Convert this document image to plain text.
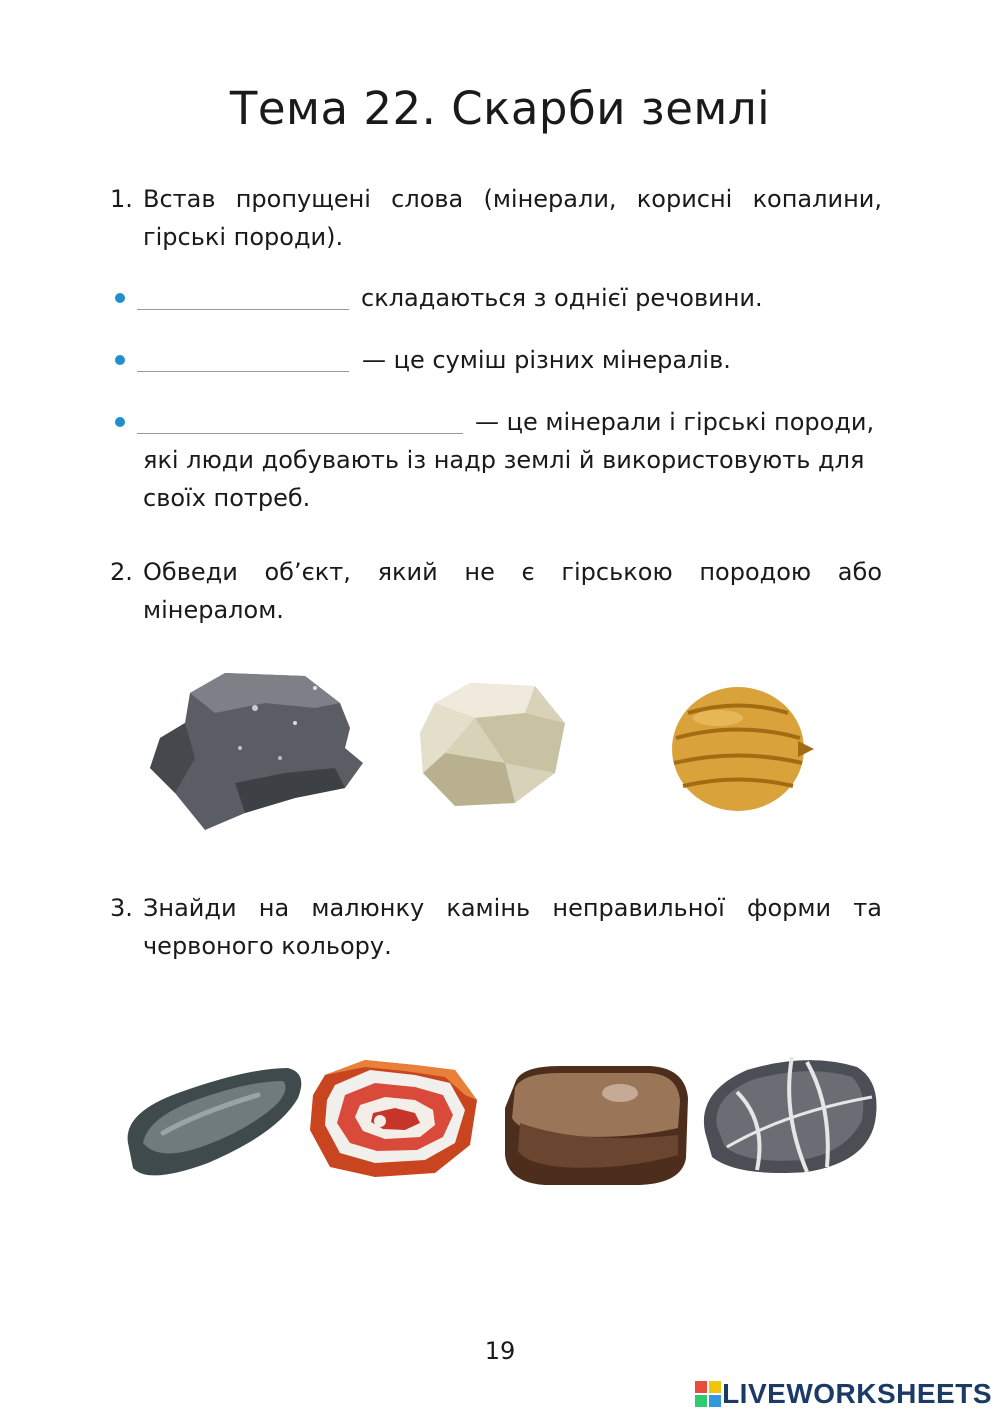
Тема 22. Скарби землі
1. Встав пропущені слова (мінерали, корисні копалини, гірські породи).
складаються з однієї речовини.
— це суміш різних мінералів.
— це мінерали і гірські породи,
які люди добувають із надр землі й використовують для
своїх потреб.
2. Обведи об’єкт, який не є гірською породою або мінералом.
3. Знайди на малюнку камінь неправильної форми та червоного кольору.
19
LIVEWORKSHEETS
